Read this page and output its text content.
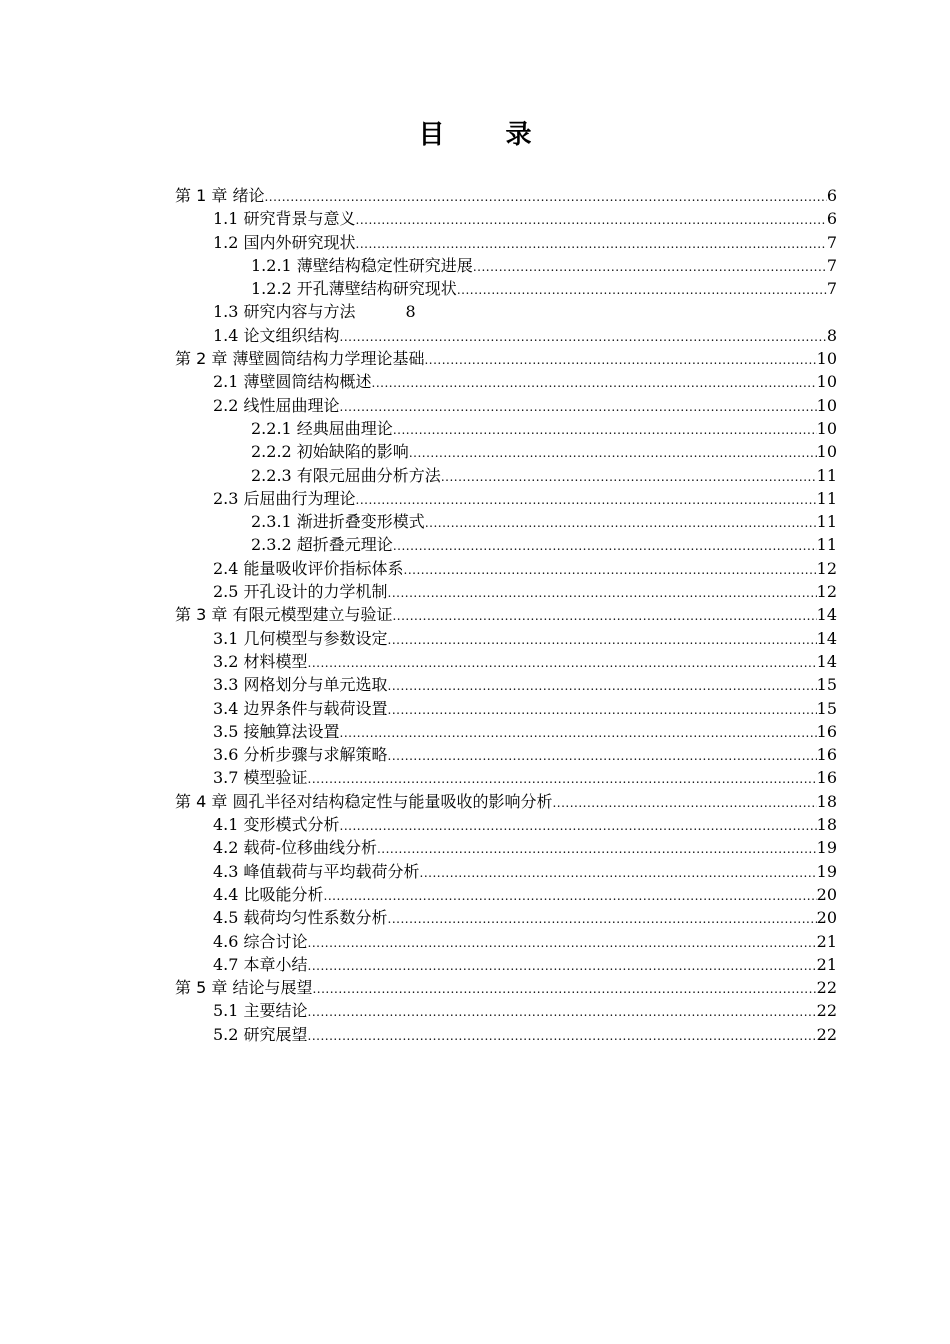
目 录
第 1 章 绪论 .....	6
1.1 研究背景与意义 .....	6
1.2 国内外研究现状 .....	7
1.2.1 薄壁结构稳定性研究进展 .....	7
1.2.2 开孔薄壁结构研究现状 .....	7
1.3 研究内容与方法	8
1.4 论文组织结构 .....	8
第 2 章 薄壁圆筒结构力学理论基础 .....	10
2.1 薄壁圆筒结构概述 .....	10
2.2 线性屈曲理论 .....	10
2.2.1 经典屈曲理论 .....	10
2.2.2 初始缺陷的影响 .....	10
2.2.3 有限元屈曲分析方法 .....	11
2.3 后屈曲行为理论 .....	11
2.3.1 渐进折叠变形模式 .....	11
2.3.2 超折叠元理论 .....	11
2.4 能量吸收评价指标体系 .....	12
2.5 开孔设计的力学机制 .....	12
第 3 章 有限元模型建立与验证 .....	14
3.1 几何模型与参数设定 .....	14
3.2 材料模型 .....	14
3.3 网格划分与单元选取 .....	15
3.4 边界条件与载荷设置 .....	15
3.5 接触算法设置 .....	16
3.6 分析步骤与求解策略 .....	16
3.7 模型验证 .....	16
第 4 章 圆孔半径对结构稳定性与能量吸收的影响分析 .....	18
4.1 变形模式分析 .....	18
4.2 载荷-位移曲线分析 .....	19
4.3 峰值载荷与平均载荷分析 .....	19
4.4 比吸能分析 .....	20
4.5 载荷均匀性系数分析 .....	20
4.6 综合讨论 .....	21
4.7 本章小结 .....	21
第 5 章 结论与展望 .....	22
5.1 主要结论 .....	22
5.2 研究展望 .....	22
